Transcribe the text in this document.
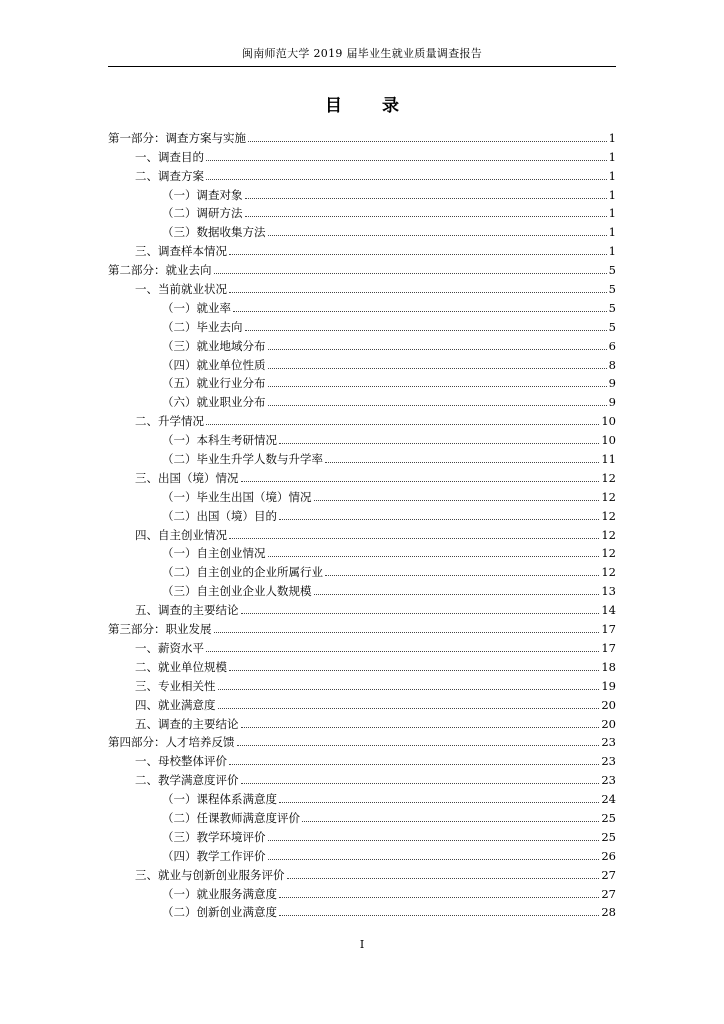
闽南师范大学 2019 届毕业生就业质量调查报告
目 录
第一部分：调查方案与实施	1
一、调查目的	1
二、调查方案	1
（一）调查对象	1
（二）调研方法	1
（三）数据收集方法	1
三、调查样本情况	1
第二部分：就业去向	5
一、当前就业状况	5
（一）就业率	5
（二）毕业去向	5
（三）就业地域分布	6
（四）就业单位性质	8
（五）就业行业分布	9
（六）就业职业分布	9
二、升学情况	10
（一）本科生考研情况	10
（二）毕业生升学人数与升学率	11
三、出国（境）情况	12
（一）毕业生出国（境）情况	12
（二）出国（境）目的	12
四、自主创业情况	12
（一）自主创业情况	12
（二）自主创业的企业所属行业	12
（三）自主创业企业人数规模	13
五、调查的主要结论	14
第三部分：职业发展	17
一、薪资水平	17
二、就业单位规模	18
三、专业相关性	19
四、就业满意度	20
五、调查的主要结论	20
第四部分：人才培养反馈	23
一、母校整体评价	23
二、教学满意度评价	23
（一）课程体系满意度	24
（二）任课教师满意度评价	25
（三）教学环境评价	25
（四）教学工作评价	26
三、就业与创新创业服务评价	27
（一）就业服务满意度	27
（二）创新创业满意度	28
I
